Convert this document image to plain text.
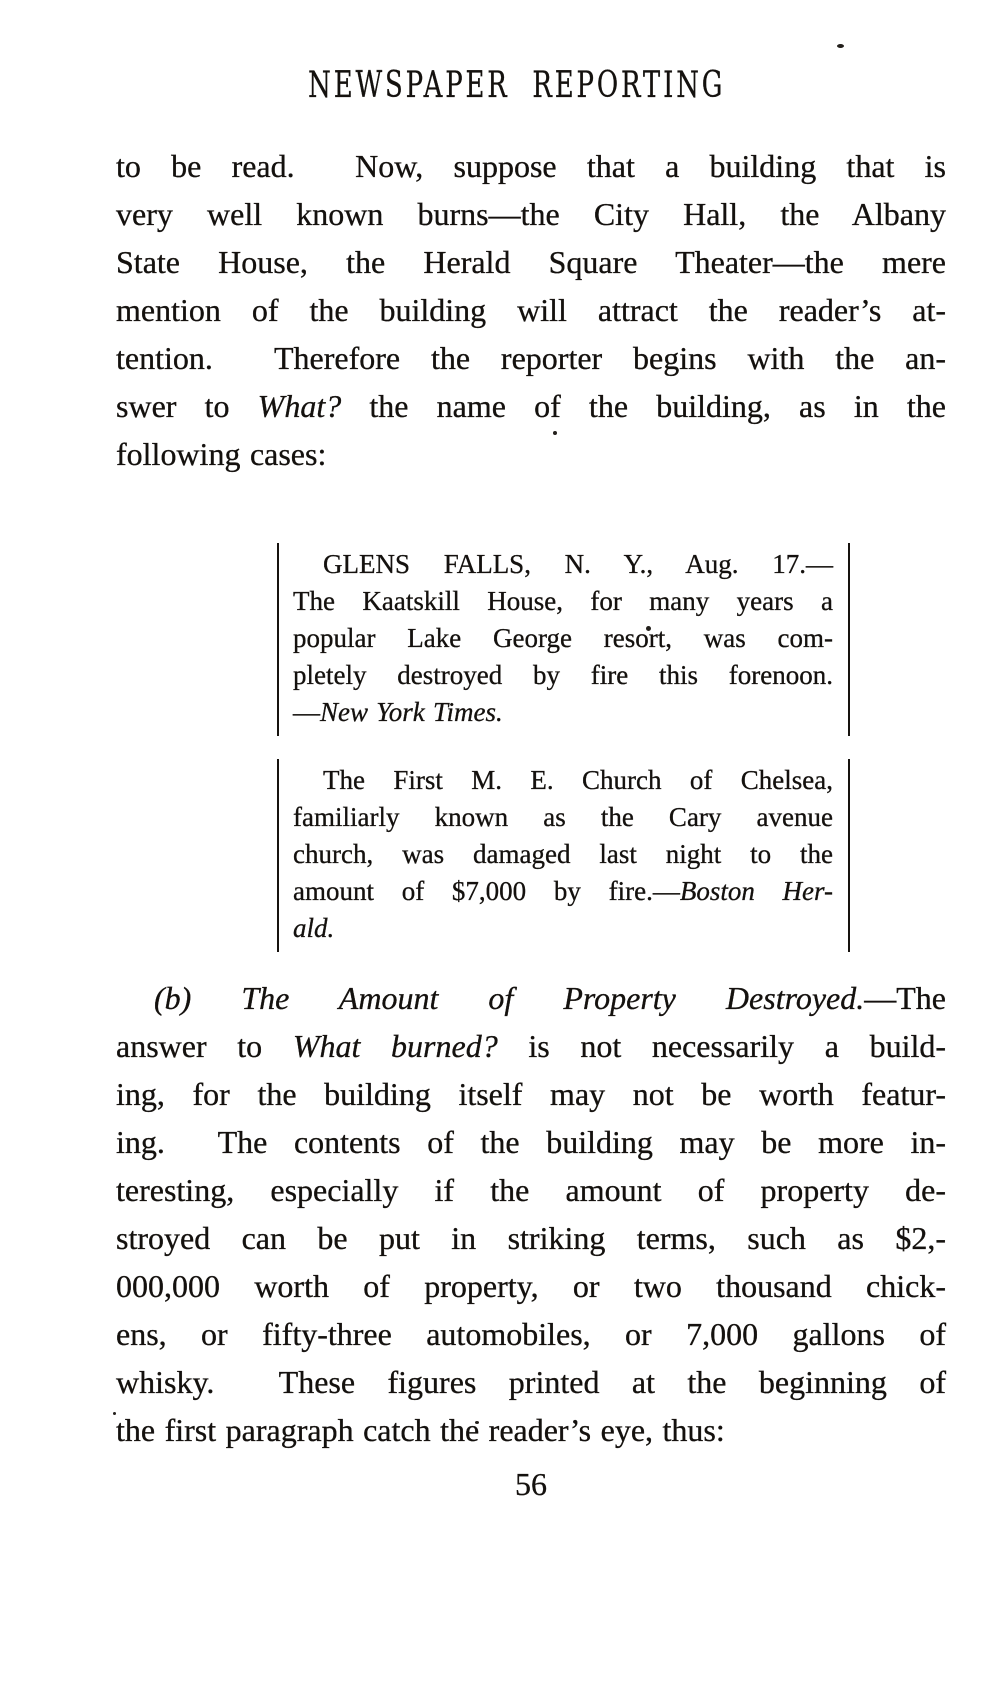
NEWSPAPER REPORTING
to be read.  Now, suppose that a building that is
very well known burns—the City Hall, the Albany
State House, the Herald Square Theater—the mere
mention of the building will attract the reader’s at-
tention.  Therefore the reporter begins with the an-
swer to What? the name of the building, as in the
following cases:
GLENS FALLS, N. Y., Aug. 17.—
The Kaatskill House, for many years a
popular Lake George resort, was com-
pletely destroyed by fire this forenoon.
—New York Times.
The First M. E. Church of Chelsea,
familiarly known as the Cary avenue
church, was damaged last night to the
amount of $7,000 by fire.—Boston Her-
ald.
(b) The Amount of Property Destroyed.—The
answer to What burned? is not necessarily a build-
ing, for the building itself may not be worth featur-
ing.  The contents of the building may be more in-
teresting, especially if the amount of property de-
stroyed can be put in striking terms, such as $2,-
000,000 worth of property, or two thousand chick-
ens, or fifty-three automobiles, or 7,000 gallons of
whisky.  These figures printed at the beginning of
the first paragraph catch the reader’s eye, thus:
56
